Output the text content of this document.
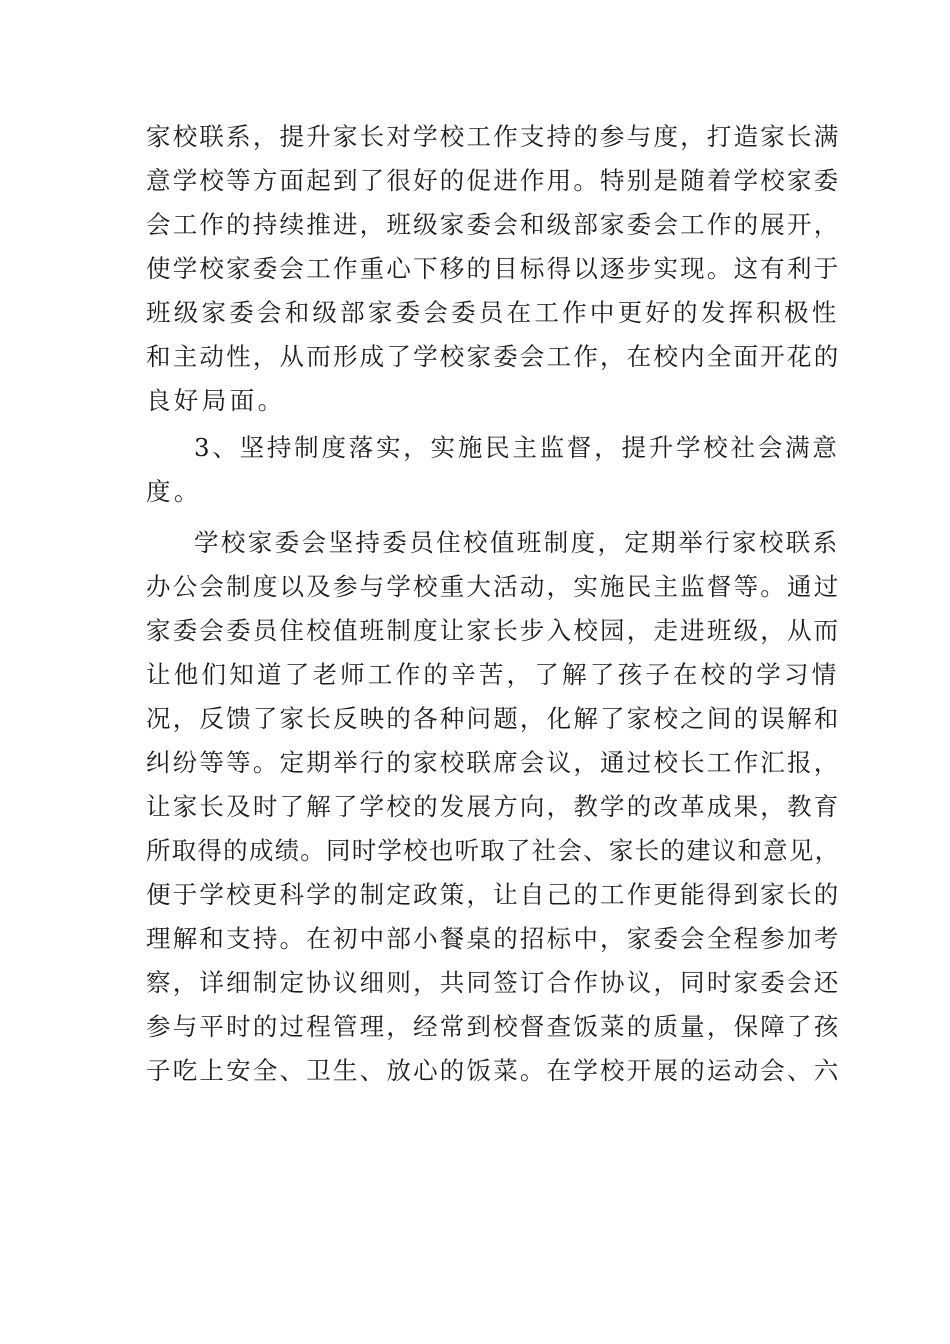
家校联系，提升家长对学校工作支持的参与度，打造家长满
意学校等方面起到了很好的促进作用。特别是随着学校家委
会工作的持续推进，班级家委会和级部家委会工作的展开，
使学校家委会工作重心下移的目标得以逐步实现。这有利于
班级家委会和级部家委会委员在工作中更好的发挥积极性
和主动性，从而形成了学校家委会工作，在校内全面开花的
良好局面。
3、坚持制度落实，实施民主监督，提升学校社会满意
度。
学校家委会坚持委员住校值班制度，定期举行家校联系
办公会制度以及参与学校重大活动，实施民主监督等。通过
家委会委员住校值班制度让家长步入校园，走进班级，从而
让他们知道了老师工作的辛苦，了解了孩子在校的学习情
况，反馈了家长反映的各种问题，化解了家校之间的误解和
纠纷等等。定期举行的家校联席会议，通过校长工作汇报，
让家长及时了解了学校的发展方向，教学的改革成果，教育
所取得的成绩。同时学校也听取了社会、家长的建议和意见，
便于学校更科学的制定政策，让自己的工作更能得到家长的
理解和支持。在初中部小餐桌的招标中，家委会全程参加考
察，详细制定协议细则，共同签订合作协议，同时家委会还
参与平时的过程管理，经常到校督查饭菜的质量，保障了孩
子吃上安全、卫生、放心的饭菜。在学校开展的运动会、六
